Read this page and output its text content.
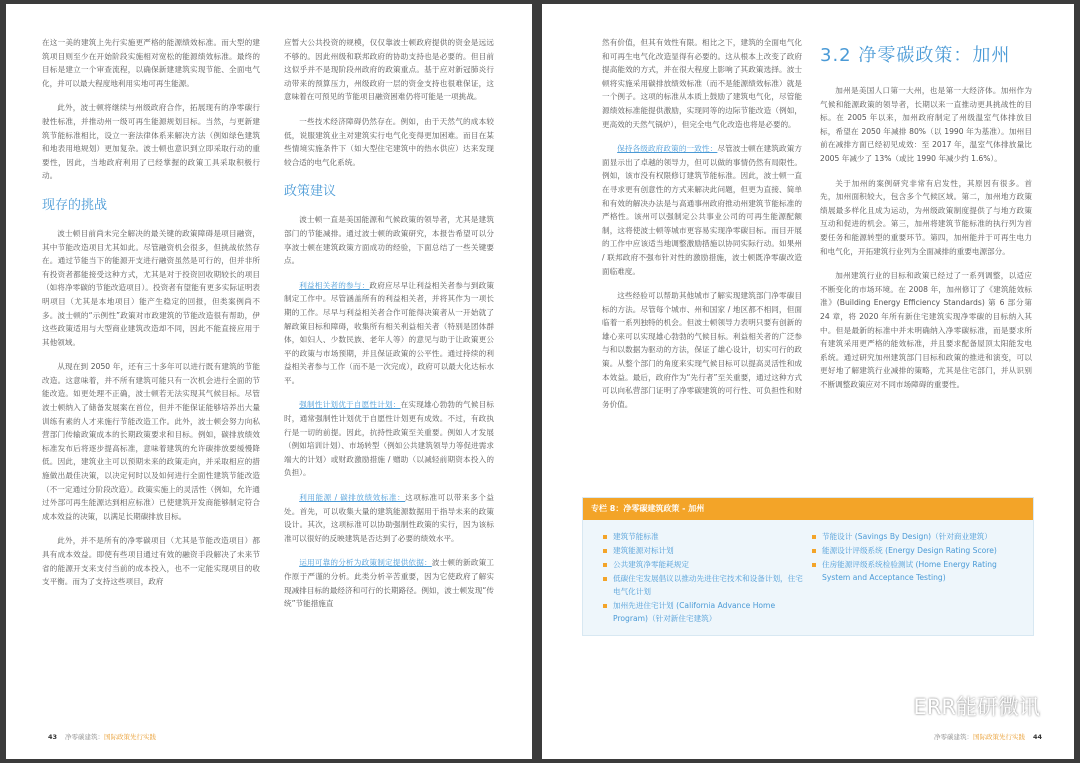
在这一美的建筑上先行实施更严格的能源绩效标准。而大型的建筑项目则至少在开始阶段实施相对宽松的能源绩效标准。最终的目标是建立一个审查流程，以确保新建建筑实现节能、全面电气化，并可以最大程度地利用实地可再生能源。

此外，波士顿将继续与州级政府合作，拓展现有的净零碳行驶性标准，并推动州一级可再生能源规划目标。当然，与更新建筑节能标准相比，设立一套法律体系来解决方法（例如绿色建筑和地表用地规划）更加复杂。波士顿也意识到立即采取行动的重要性，因此，当地政府利用了已经掌握的政策工具采取积极行动。

现存的挑战

波士顿目前尚未完全解决的最关键的政策障碍是项目融资，其中节能改造项目尤其如此。尽管融资机会很多，但挑战依然存在。通过节能当下的能源开支进行融资虽然是可行的，但并非所有投资者都能接受这种方式，尤其是对于投资回收期较长的项目（如将净零碳的节能改造项目）。投资者有望能有更多实际证明表明项目（尤其是本地项目）能产生稳定的回报，但类案例尚不多。波士顿的“示例性”政策对市政建筑的节能改造很有帮助，伊这些政策适用与大型商业建筑改造却不同，因此不能直接应用于其他领域。

从现在到 2050 年，还有三十多年可以进行既有建筑的节能改造。这意味着，并不所有建筑可能只有一次机会进行全面的节能改造。如更处理不正确，波士顿若无法实现其气候目标。尽管波士顿纳入了储备发展案在首位，但并不能保证能够培养出大量训练有素的人才来施行节能改造工作。此外，波士顿会努力向私营部门传输政策成本的长期政策要求和目标。例如，碳排放绩效标准发布后将逐步提高标准，意味着建筑的允许碳排放要缓慢降低。因此，建筑业主可以预期未来的政策走向，并采取相应的措施做出最佳决策，以决定何时以及如何进行全面性建筑节能改造（不一定通过分阶段改造）。政策实施上的灵活性（例如，允许通过外部可再生能源达到相应标准）已使建筑开发商能够制定符合成本效益的决策，以满足长期碳排放目标。

此外，并不是所有的净零碳项目（尤其是节能改造项目）都具有成本效益。即使有些项目通过有效的融资手段解决了未来节省的能源开支来支付当前的成本投入，也不一定能实现项目的收支平衡。而为了支持这些项目，政府

应暂大公共投资的规模，仅仅靠波士顿政府提供的资金是远远不够的。因此州级和联邦政府的协助支持也是必要的。但目前这似乎并不是现阶段州政府的政策重点。基于应对新冠肺炎行动带来的预算压力，州级政府一层的资金支持也很难保证，这意味着在可预见的节能项目融资困难仍将可能是一项挑战。

一些技术经济障碍仍然存在。例如，由于天然气的成本较低，说服建筑业主对建筑实行电气化变得更加困难。而目在某些情境实施条件下（如大型住宅建筑中的热水供应）达来发现较合适的电气化系统。

政策建议

波士顿一直是美国能源和气候政策的领导者，尤其是建筑部门的节能减排。通过波士顿的政策研究，本报告希望可以分享波士顿在建筑政策方面成功的经验，下面总结了一些关键要点。

利益相关者的参与：政府应尽早让利益相关者参与到政策制定工作中。尽管涵盖所有的利益相关者，并将其作为一项长期的工作。尽早与利益相关者合作可能得决策者从一开始就了解政策目标和障碍，收集所有相关利益相关者（特别是团体群体，如妇人、少数民族、老年人等）的意见与助于让政策更公平的政策与市场预期，并且保证政策的公平性。通过持续的利益相关者参与工作（而不是一次完成），政府可以最大化达标水平。

强制性计划优于自愿性计划：在实现雄心勃勃的气候目标时，通常强制性计划优于自愿性计划更有成效。不过，有政执行是一切的前提。因此，抗持性政策至关重要。例如人才发展（例如培训计划）、市场转型（例如公共建筑领导力等促进需求端大的计划）或财政激励措施 / 赠助（以减轻前期资本投入的负担）。

利用能源 / 碳排放绩效标准：这项标准可以带来多个益处。首先，可以收集大量的建筑能源数据用于指导未来的政策设计。其次，这项标准可以协助强制性政策的实行，因为该标准可以很好的反映建筑是否达到了必要的绩效水平。

运用可靠的分析为政策制定提供依据：波士顿的新政策工作原于严谨的分析。此类分析辛苦重要，因为它使政府了解实现减排目标的最经济和可行的长期路径。例如，波士顿发现“传统”节能措施直

43 净零碳建筑：国际政策先行实践

然有价值，但其有效性有限。相比之下，建筑的全面电气化和可再生电气化改造显得有必要的。这从根本上改变了政府提高能效的方式，并在很大程度上影响了其政策选择。波士顿将实施采用碳排放绩效标准（而不是能源绩效标准）就是一个例子。这项的标准从本质上鼓励了建筑电气化，尽管能源绩效标准能提供激励，实现同等的边际节能改造（例如，更高效的天然气锅炉），但完全电气化改造也将是必要的。

保持各级政府政策的一致性：尽管波士顿在建筑政策方面显示出了卓越的领导力，但可以做的事情仍然有局限性。例如，该市没有权限修订建筑节能标准。因此，波士顿一直在寻求更有创意性的方式来解决此问题，但更为直接、简单和有效的解决办法是与高通事州政府推动州建筑节能标准的严格性。该州可以强制定公共事业公司的可再生能源配额制，这将使波士顿等城市更容易实现净零碳目标。而目开展的工作中应该适当地调整激励措施以协同实际行动。如果州 / 联邦政府不强布针对性的激励措施，波士顿既净零碳改造面临难度。

这些经验可以帮助其他城市了解实现建筑部门净零碳目标的方法。尽管每个城市、州和国家 / 地区都不相同，但面临着一系列独特的机会。但波士顿领导力表明只要有创新的雄心来可以实现雄心勃勃的气候目标。利益相关者的广泛参与和以数据为驱动的方法，保证了雄心设计，切实可行的政策。从整个部门的角度来实现气候目标可以提高灵活性和成本效益。最后，政府作为“先行者”至关重要，通过这种方式可以向私营部门证明了净零碳建筑的可行性、可负担性和财务价值。

3.2 净零碳政策：加州

加州是美国人口第一大州，也是第一大经济体。加州作为气候和能源政策的领导者，长期以来一直推动更具挑战性的目标。在 2005 年以来，加州政府制定了州级温室气体排放目标，希望在 2050 年减排 80%（以 1990 年为基准）。加州目前在减排方面已经初见成效：至 2017 年，温室气体排放量比 2005 年减少了 13%（或比 1990 年减少约 1.6%）。

关于加州的案例研究非常有启发性，其原因有很多。首先，加州面积较大，包含多个气候区域。第二，加州地方政策绩展最多样化且成为运动，为州级政策制度提供了与地方政策互动和促进的机会。第三，加州将建筑节能标准的执行列为首要任务和能源转型的重要环节。第四，加州能并于可再生电力和电气化，开拓建筑行业列为全面减排的重要电源部分。

加州建筑行业的目标和政策已经过了一系列调整，以适应不断变化的市场环境。在 2008 年，加州修订了《建筑能效标准》(Building Energy Efficiency Standards) 第 6 部分第 24 章，将 2020 年所有新住宅建筑实现净零碳的目标纳入其中。但是最新的标准中并未明确纳入净零碳标准，而是要求所有建筑采用更严格的能效标准，并且要求配备屋顶太阳能发电系统。通过研究加州建筑部门目标和政策的推进和演变，可以更好地了解建筑行业减排的策略，尤其是住宅部门，并从识别不断调整政策应对不同市场障碍的重要性。

专栏 8：净零碳建筑政策 - 加州
建筑节能标准
建筑能源对标计划
公共建筑净零能耗规定
低碳住宅发展倡议以推动先进住宅技术和设备计划，住宅电气化计划
加州先进住宅计划 (California Advance Home Program)（针对新住宅建筑）
节能设计 (Savings By Design)（针对商业建筑）
能源设计评级系统 (Energy Design Rating Score)
住房能源评级系统检验测试 (Home Energy Rating System and Acceptance Testing)
净零碳建筑：国际政策先行实践 44
ERR能研微讯
